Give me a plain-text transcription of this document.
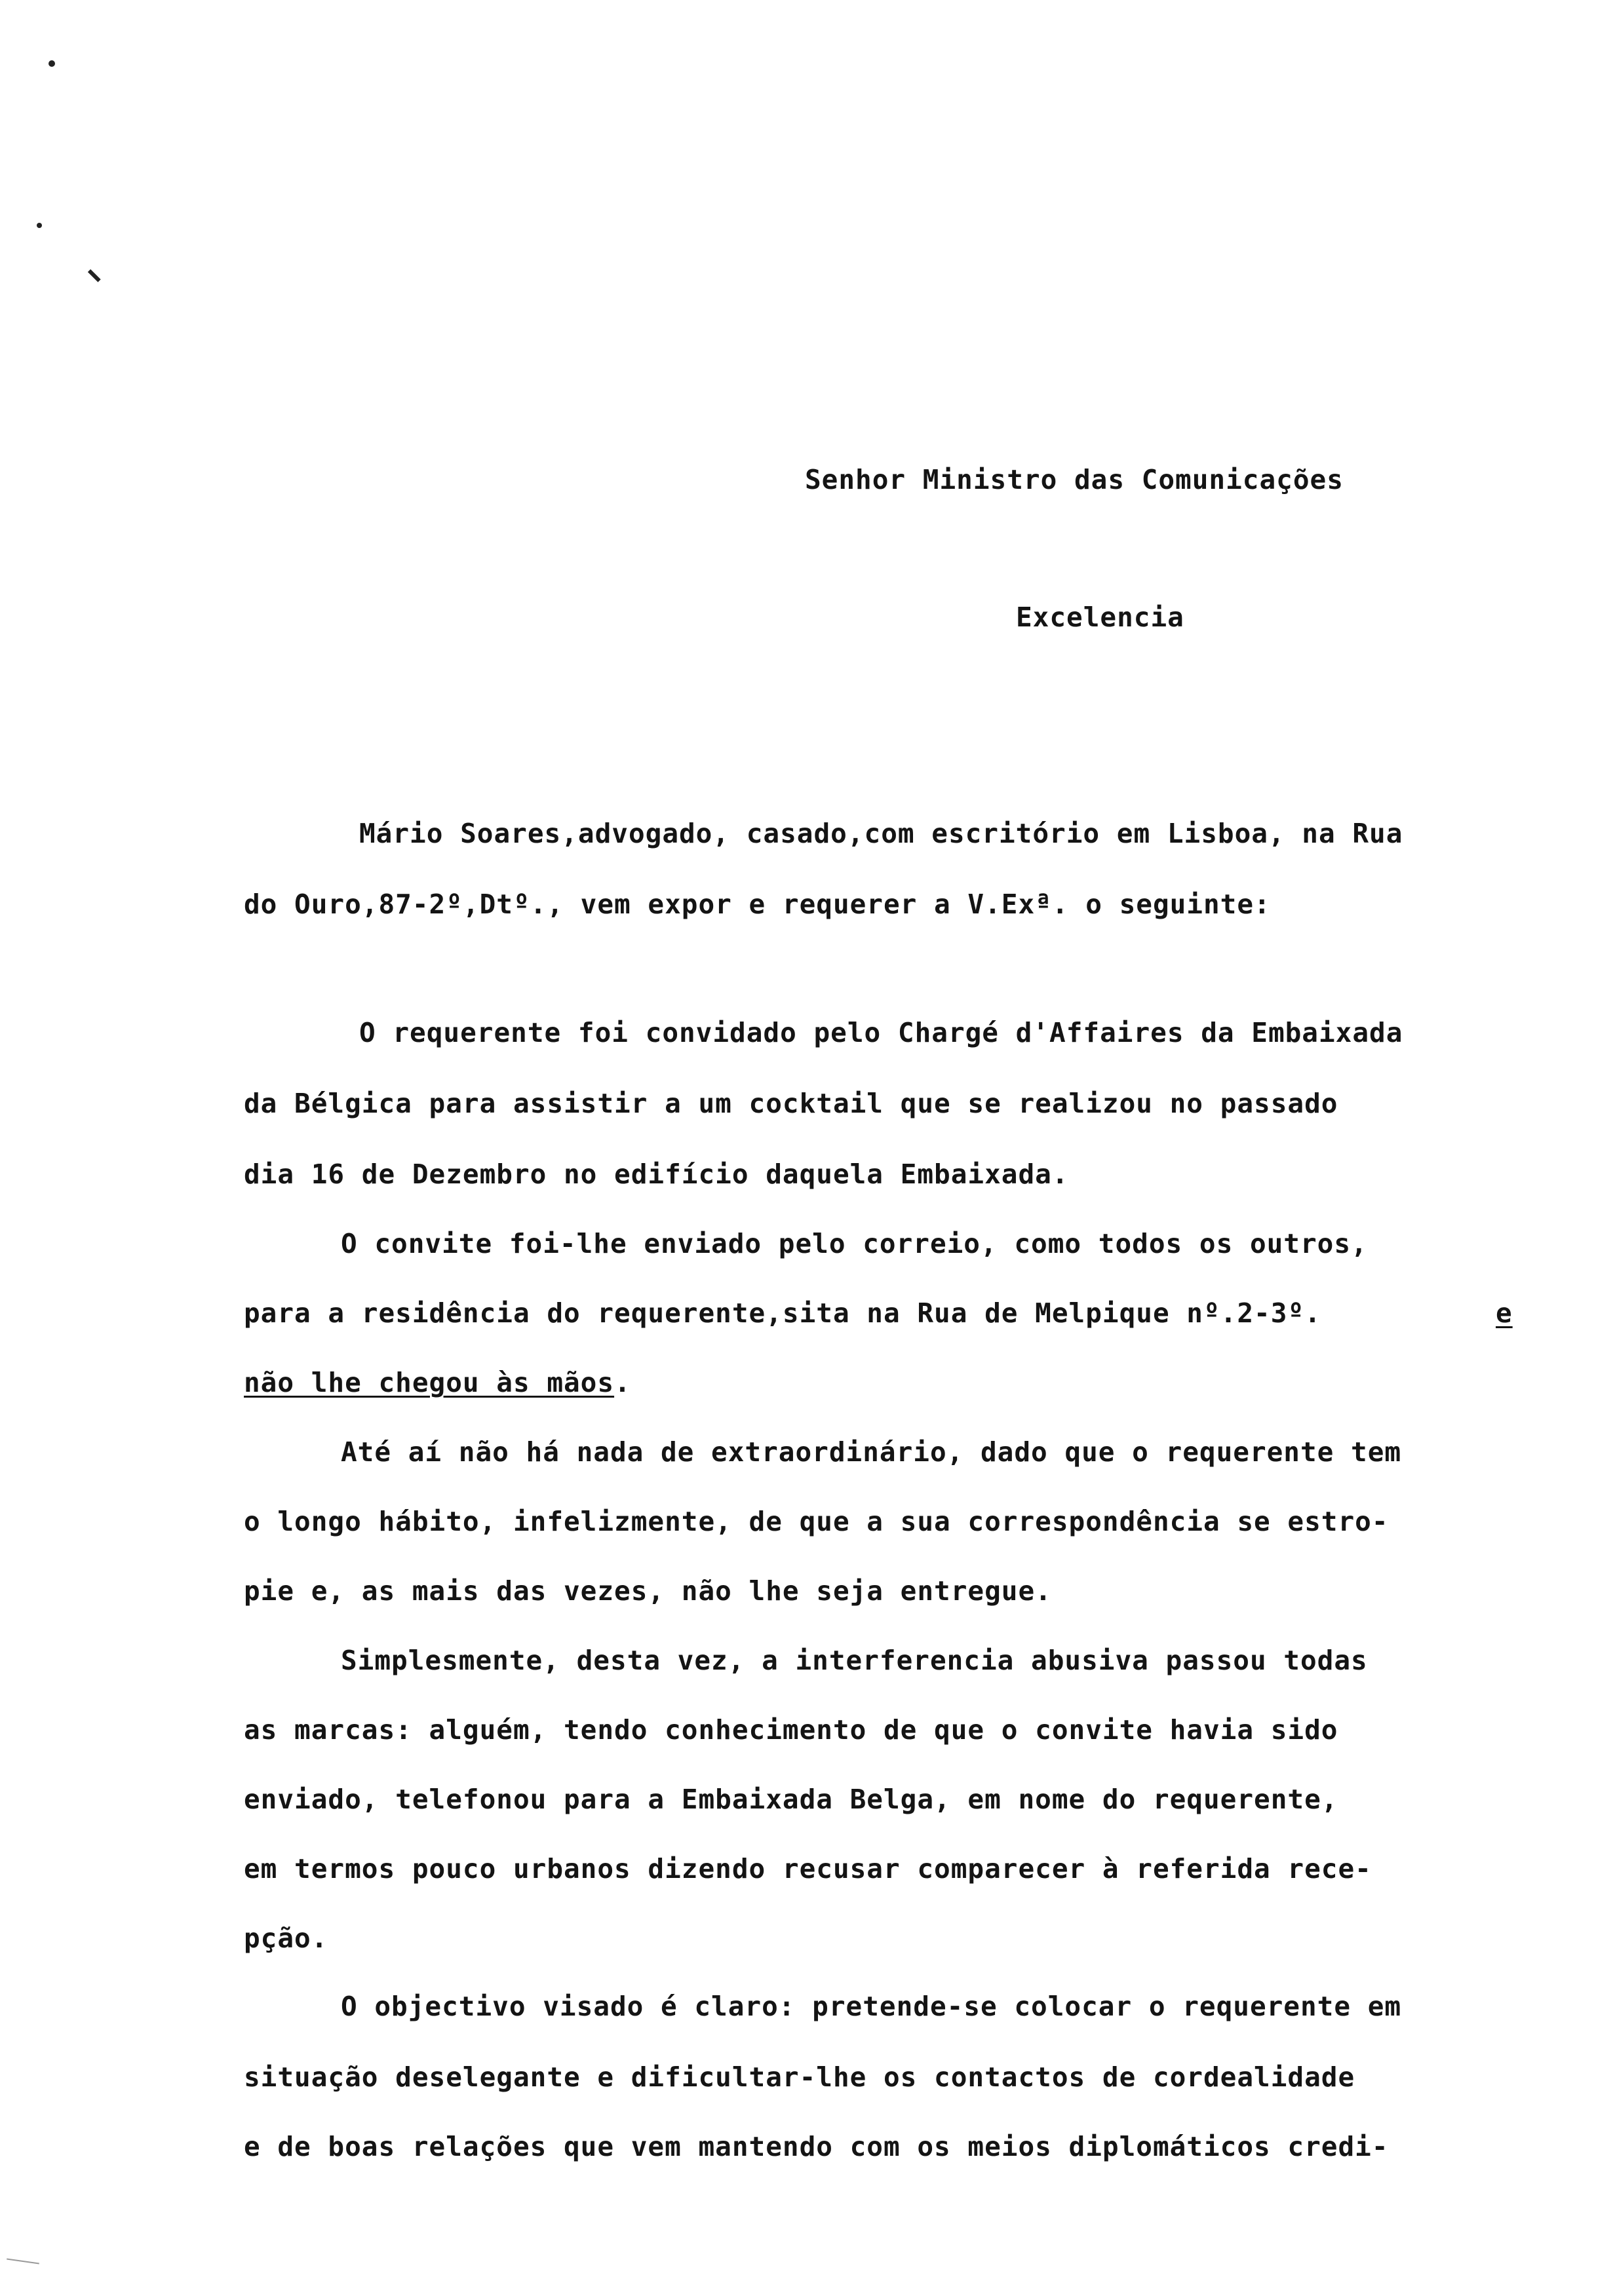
Senhor Ministro das Comunicações
Excelencia
Mário Soares,advogado, casado,com escritório em Lisboa, na Rua
do Ouro,87-2º,Dtº., vem expor e requerer a V.Exª. o seguinte:
O requerente foi convidado pelo Chargé d'Affaires da Embaixada
da Bélgica para assistir a um cocktail que se realizou no passado
dia 16 de Dezembro no edifício daquela Embaixada.
O convite foi-lhe enviado pelo correio, como todos os outros,
para a residência do requerente,sita na Rua de Melpique nº.2-3º.	e
não lhe chegou às mãos.
Até aí não há nada de extraordinário, dado que o requerente tem
o longo hábito, infelizmente, de que a sua correspondência se estro-
pie e, as mais das vezes, não lhe seja entregue.
Simplesmente, desta vez, a interferencia abusiva passou todas
as marcas: alguém, tendo conhecimento de que o convite havia sido
enviado, telefonou para a Embaixada Belga, em nome do requerente,
em termos pouco urbanos dizendo recusar comparecer à referida rece-
pção.
O objectivo visado é claro: pretende-se colocar o requerente em
situação deselegante e dificultar-lhe os contactos de cordealidade
e de boas relações que vem mantendo com os meios diplomáticos credi-
